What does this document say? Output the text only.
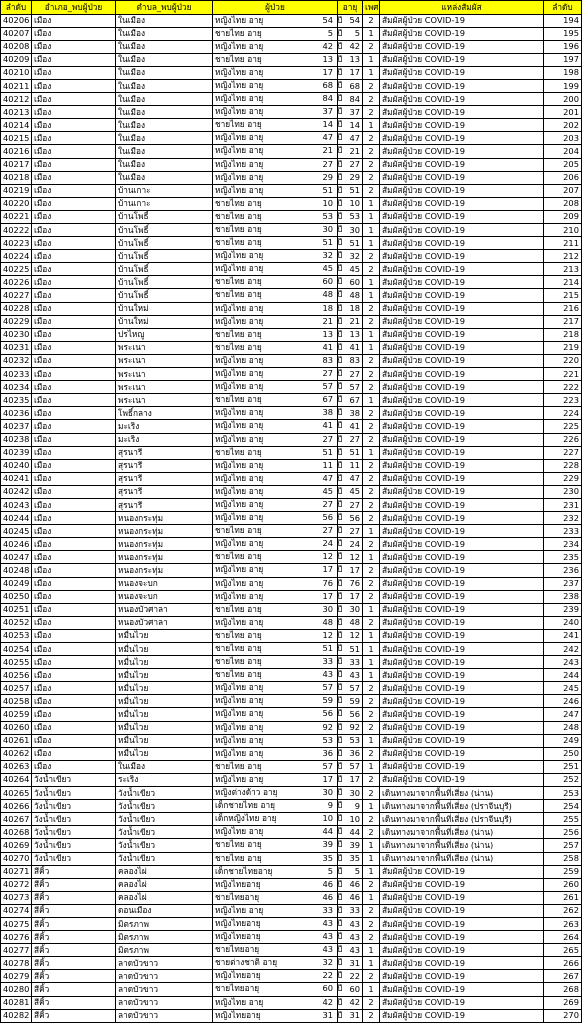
ลำดับ	อำเภอ_พบผู้ป่วย	ตำบล_พบผู้ป่วย	ผู้ป่วย	อายุ	เพศ	แหล่งสัมผัส	ลำดับ
40206	เมือง	ในเมือง	หญิงไทย อายุ 54 ปี	54	2	สัมผัสผู้ป่วย COVID-19	194
40207	เมือง	ในเมือง	ชายไทย อายุ 5 ปี	5	1	สัมผัสผู้ป่วย COVID-19	195
40208	เมือง	ในเมือง	หญิงไทย อายุ 42 ปี	42	2	สัมผัสผู้ป่วย COVID-19	196
40209	เมือง	ในเมือง	ชายไทย อายุ 13 ปี	13	1	สัมผัสผู้ป่วย COVID-19	197
40210	เมือง	ในเมือง	หญิงไทย อายุ 17 ปี	17	1	สัมผัสผู้ป่วย COVID-19	198
40211	เมือง	ในเมือง	หญิงไทย อายุ 68 ปี	68	2	สัมผัสผู้ป่วย COVID-19	199
40212	เมือง	ในเมือง	หญิงไทย อายุ 84 ปี	84	2	สัมผัสผู้ป่วย COVID-19	200
40213	เมือง	ในเมือง	หญิงไทย อายุ 37 ปี	37	2	สัมผัสผู้ป่วย COVID-19	201
40214	เมือง	ในเมือง	ชายไทย อายุ 14 ปี	14	1	สัมผัสผู้ป่วย COVID-19	202
40215	เมือง	ในเมือง	หญิงไทย อายุ 47 ปี	47	2	สัมผัสผู้ป่วย COVID-19	203
40216	เมือง	ในเมือง	หญิงไทย อายุ 21 ปี	21	2	สัมผัสผู้ป่วย COVID-19	204
40217	เมือง	ในเมือง	หญิงไทย อายุ 27 ปี	27	2	สัมผัสผู้ป่วย COVID-19	205
40218	เมือง	ในเมือง	หญิงไทย อายุ 29 ปี	29	2	สัมผัสผู้ป่วย COVID-19	206
40219	เมือง	บ้านเกาะ	หญิงไทย อายุ 51 ปี	51	2	สัมผัสผู้ป่วย COVID-19	207
40220	เมือง	บ้านเกาะ	ชายไทย อายุ 10 ปี	10	1	สัมผัสผู้ป่วย COVID-19	208
40221	เมือง	บ้านโพธิ์	ชายไทย อายุ 53 ปี	53	1	สัมผัสผู้ป่วย COVID-19	209
40222	เมือง	บ้านโพธิ์	ชายไทย อายุ 30 ปี	30	1	สัมผัสผู้ป่วย COVID-19	210
40223	เมือง	บ้านโพธิ์	ชายไทย อายุ 51 ปี	51	1	สัมผัสผู้ป่วย COVID-19	211
40224	เมือง	บ้านโพธิ์	หญิงไทย อายุ 32 ปี	32	2	สัมผัสผู้ป่วย COVID-19	212
40225	เมือง	บ้านโพธิ์	หญิงไทย อายุ 45 ปี	45	2	สัมผัสผู้ป่วย COVID-19	213
40226	เมือง	บ้านโพธิ์	ชายไทย อายุ 60 ปี	60	1	สัมผัสผู้ป่วย COVID-19	214
40227	เมือง	บ้านโพธิ์	ชายไทย อายุ 48 ปี	48	1	สัมผัสผู้ป่วย COVID-19	215
40228	เมือง	บ้านใหม่	หญิงไทย อายุ 18 ปี	18	2	สัมผัสผู้ป่วย COVID-19	216
40229	เมือง	บ้านใหม่	หญิงไทย อายุ 21 ปี	21	2	สัมผัสผู้ป่วย COVID-19	217
40230	เมือง	ปรไหญู	ชายไทย อายุ 13 ปี	13	1	สัมผัสผู้ป่วย COVID-19	218
40231	เมือง	พระเนา	ชายไทย อายุ 41 ปี	41	1	สัมผัสผู้ป่วย COVID-19	219
40232	เมือง	พระเนา	หญิงไทย อายุ 83 ปี	83	2	สัมผัสผู้ป่วย COVID-19	220
40233	เมือง	พระเนา	หญิงไทย อายุ 27 ปี	27	2	สัมผัสผู้ป่วย COVID-19	221
40234	เมือง	พระเนา	หญิงไทย อายุ 57 ปี	57	2	สัมผัสผู้ป่วย COVID-19	222
40235	เมือง	พระเนา	ชายไทย อายุ 67 ปี	67	1	สัมผัสผู้ป่วย COVID-19	223
40236	เมือง	โพธิ์กลาง	หญิงไทย อายุ 38 ปี	38	2	สัมผัสผู้ป่วย COVID-19	224
40237	เมือง	มะเริง	หญิงไทย อายุ 41 ปี	41	2	สัมผัสผู้ป่วย COVID-19	225
40238	เมือง	มะเริง	หญิงไทย อายุ 27 ปี	27	2	สัมผัสผู้ป่วย COVID-19	226
40239	เมือง	สุรนารี	ชายไทย อายุ 51 ปี	51	1	สัมผัสผู้ป่วย COVID-19	227
40240	เมือง	สุรนารี	หญิงไทย อายุ 11 ปี	11	2	สัมผัสผู้ป่วย COVID-19	228
40241	เมือง	สุรนารี	หญิงไทย อายุ 47 ปี	47	2	สัมผัสผู้ป่วย COVID-19	229
40242	เมือง	สุรนารี	หญิงไทย อายุ 45 ปี	45	2	สัมผัสผู้ป่วย COVID-19	230
40243	เมือง	สุรนารี	หญิงไทย อายุ 27 ปี	27	2	สัมผัสผู้ป่วย COVID-19	231
40244	เมือง	หนองกระทุ่ม	หญิงไทย อายุ 56 ปี	56	2	สัมผัสผู้ป่วย COVID-19	232
40245	เมือง	หนองกระทุ่ม	ชายไทย อายุ 27 ปี	27	1	สัมผัสผู้ป่วย COVID-19	233
40246	เมือง	หนองกระทุ่ม	หญิงไทย อายุ 24 ปี	24	2	สัมผัสผู้ป่วย COVID-19	234
40247	เมือง	หนองกระทุ่ม	ชายไทย อายุ 12 ปี	12	1	สัมผัสผู้ป่วย COVID-19	235
40248	เมือง	หนองกระทุ่ม	หญิงไทย อายุ 17 ปี	17	2	สัมผัสผู้ป่วย COVID-19	236
40249	เมือง	หนองจะบก	หญิงไทย อายุ 76 ปี	76	2	สัมผัสผู้ป่วย COVID-19	237
40250	เมือง	หนองจะบก	หญิงไทย อายุ 17 ปี	17	2	สัมผัสผู้ป่วย COVID-19	238
40251	เมือง	หนองบัวศาลา	ชายไทย อายุ 30 ปี	30	1	สัมผัสผู้ป่วย COVID-19	239
40252	เมือง	หนองบัวศาลา	หญิงไทย อายุ 48 ปี	48	2	สัมผัสผู้ป่วย COVID-19	240
40253	เมือง	หมื่นไวย	ชายไทย อายุ 12 ปี	12	1	สัมผัสผู้ป่วย COVID-19	241
40254	เมือง	หมื่นไวย	ชายไทย อายุ 51 ปี	51	1	สัมผัสผู้ป่วย COVID-19	242
40255	เมือง	หมื่นไวย	ชายไทย อายุ 33 ปี	33	1	สัมผัสผู้ป่วย COVID-19	243
40256	เมือง	หมื่นไวย	ชายไทย อายุ 43 ปี	43	1	สัมผัสผู้ป่วย COVID-19	244
40257	เมือง	หมื่นไวย	หญิงไทย อายุ 57 ปี	57	2	สัมผัสผู้ป่วย COVID-19	245
40258	เมือง	หมื่นไวย	หญิงไทย อายุ 59 ปี	59	2	สัมผัสผู้ป่วย COVID-19	246
40259	เมือง	หมื่นไวย	หญิงไทย อายุ 56 ปี	56	2	สัมผัสผู้ป่วย COVID-19	247
40260	เมือง	หมื่นไวย	หญิงไทย อายุ 92 ปี	92	2	สัมผัสผู้ป่วย COVID-19	248
40261	เมือง	หมื่นไวย	หญิงไทย อายุ 53 ปี	53	1	สัมผัสผู้ป่วย COVID-19	249
40262	เมือง	หมื่นไวย	หญิงไทย อายุ 36 ปี	36	2	สัมผัสผู้ป่วย COVID-19	250
40263	เมือง	ในเมือง	ชายไทย อายุ 57 ปี	57	1	สัมผัสผู้ป่วย COVID-19	251
40264	วังน้ำเขียว	ระเริง	หญิงไทย อายุ 17 ปี	17	2	สัมผัสผู้ป่วย COVID-19	252
40265	วังน้ำเขียว	วังน้ำเขียว	หญิงต่างด้าว อายุ 30 ปี	30	2	เดินทางมาจากพื้นที่เสี่ยง (น่าน)	253
40266	วังน้ำเขียว	วังน้ำเขียว	เด็กชายไทย อายุ 9 ปี	9	1	เดินทางมาจากพื้นที่เสี่ยง (ปราจีนบุรี)	254
40267	วังน้ำเขียว	วังน้ำเขียว	เด็กหญิงไทย อายุ 10 ปี	10	2	เดินทางมาจากพื้นที่เสี่ยง (ปราจีนบุรี)	255
40268	วังน้ำเขียว	วังน้ำเขียว	หญิงไทย อายุ 44 ปี	44	2	เดินทางมาจากพื้นที่เสี่ยง (น่าน)	256
40269	วังน้ำเขียว	วังน้ำเขียว	ชายไทย อายุ 39 ปี	39	1	เดินทางมาจากพื้นที่เสี่ยง (น่าน)	257
40270	วังน้ำเขียว	วังน้ำเขียว	ชายไทย อายุ 35 ปี	35	1	เดินทางมาจากพื้นที่เสี่ยง (น่าน)	258
40271	สีคิ้ว	คลองไผ่	เด็กชายไทยอายุ 5 ปี	5	1	สัมผัสผู้ป่วย COVID-19	259
40272	สีคิ้ว	คลองไผ่	หญิงไทยอายุ 46 ปี	46	2	สัมผัสผู้ป่วย COVID-19	260
40273	สีคิ้ว	คลองไผ่	ชายไทยอายุ 46 ปี	46	1	สัมผัสผู้ป่วย COVID-19	261
40274	สีคิ้ว	ดอนเมือง	หญิงไทย อายุ 33 ปี	33	2	สัมผัสผู้ป่วย COVID-19	262
40275	สีคิ้ว	มิตรภาพ	หญิงไทยอายุ 43 ปี	43	2	สัมผัสผู้ป่วย COVID-19	263
40276	สีคิ้ว	มิตรภาพ	หญิงไทยอายุ 43 ปี	43	2	สัมผัสผู้ป่วย COVID-19	264
40277	สีคิ้ว	มิตรภาพ	ชายไทยอายุ 43 ปี	43	1	สัมผัสผู้ป่วย COVID-19	265
40278	สีคิ้ว	ลาดบัวขาว	ชายต่างชาติ อายุ 32 ปี	31	1	สัมผัสผู้ป่วย COVID-19	266
40279	สีคิ้ว	ลาดบัวขาว	หญิงไทยอายุ 22 ปี	22	2	สัมผัสผู้ป่วย COVID-19	267
40280	สีคิ้ว	ลาดบัวขาว	ชายไทยอายุ 60 ปี	60	1	สัมผัสผู้ป่วย COVID-19	268
40281	สีคิ้ว	ลาดบัวขาว	หญิงไทย อายุ 42 ปี	42	2	สัมผัสผู้ป่วย COVID-19	269
40282	สีคิ้ว	ลาดบัวขาว	หญิงไทยอายุ 31 ปี	31	2	สัมผัสผู้ป่วย COVID-19	270
